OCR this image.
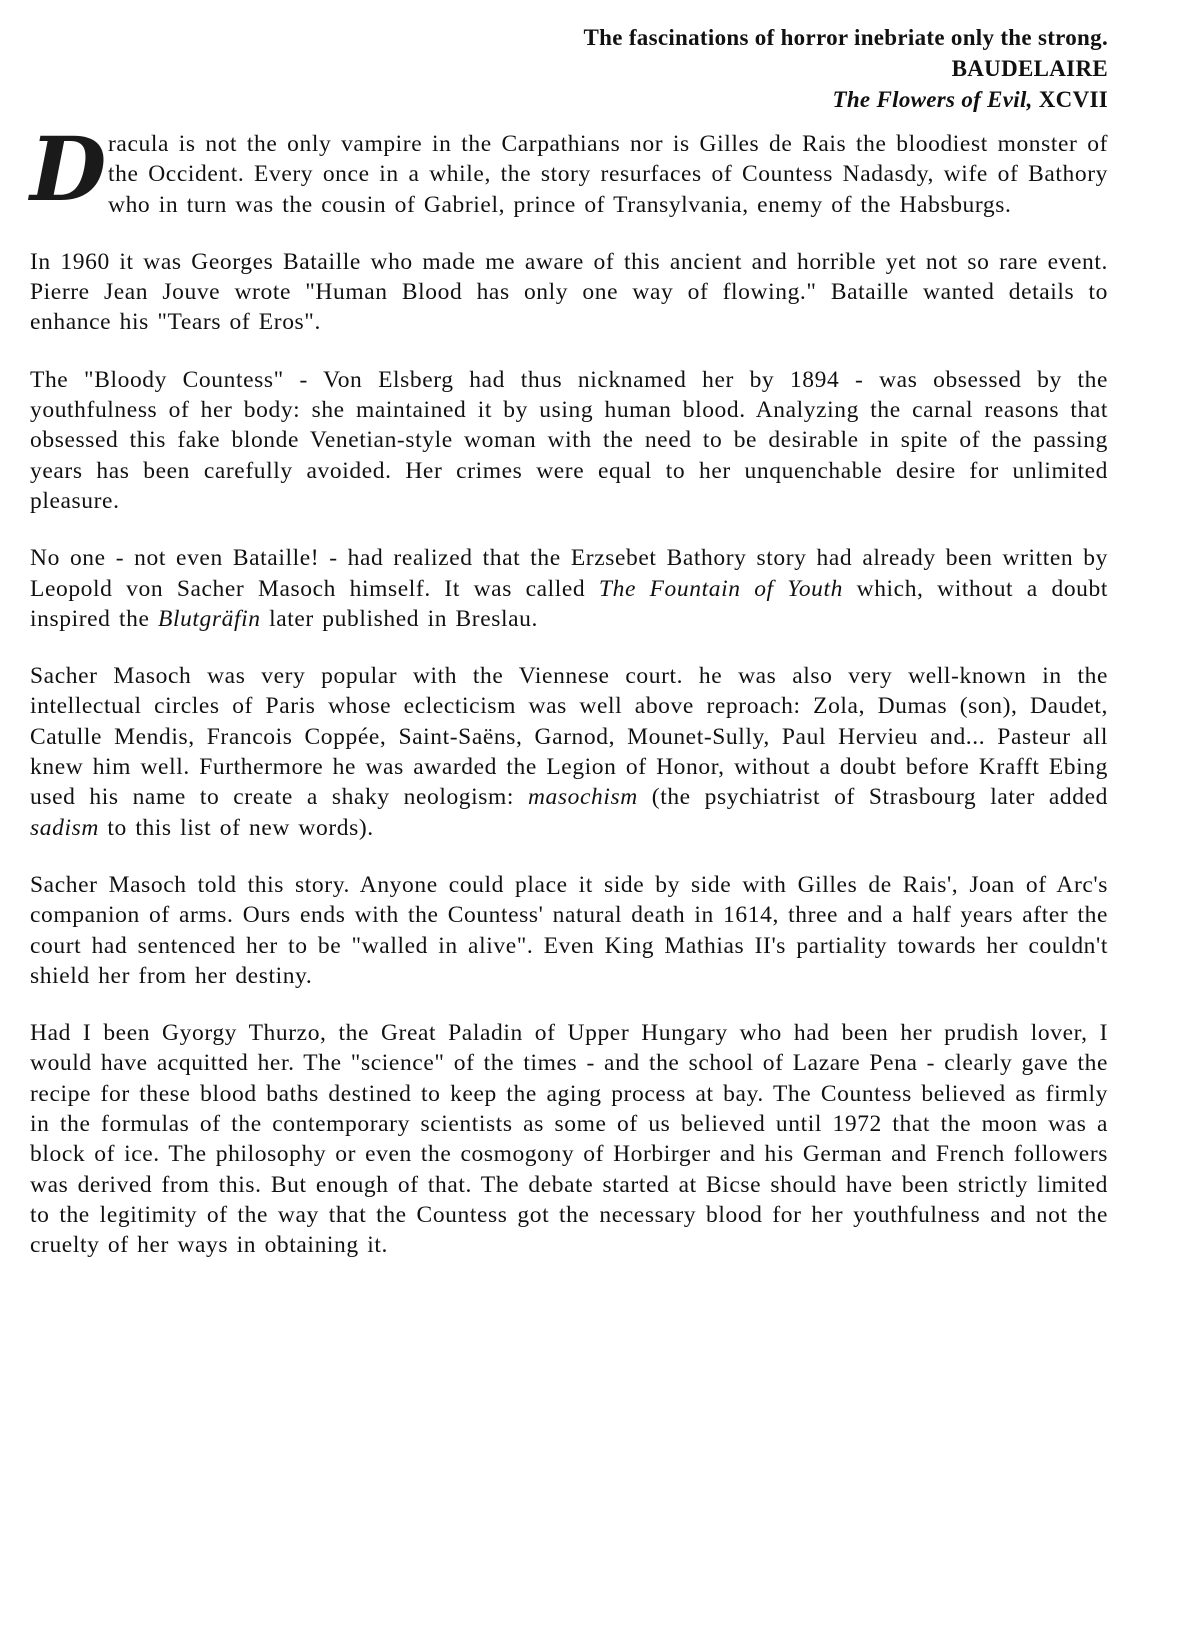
The fascinations of horror inebriate only the strong.
BAUDELAIRE
The Flowers of Evil, XCVII

Dracula is not the only vampire in the Carpathians nor is Gilles de Rais the bloodiest monster of the Occident. Every once in a while, the story resurfaces of Countess Nadasdy, wife of Bathory who in turn was the cousin of Gabriel, prince of Transylvania, enemy of the Habsburgs.

In 1960 it was Georges Bataille who made me aware of this ancient and horrible yet not so rare event. Pierre Jean Jouve wrote "Human Blood has only one way of flowing." Bataille wanted details to enhance his "Tears of Eros".

The "Bloody Countess" - Von Elsberg had thus nicknamed her by 1894 - was obsessed by the youthfulness of her body: she maintained it by using human blood. Analyzing the carnal reasons that obsessed this fake blonde Venetian-style woman with the need to be desirable in spite of the passing years has been carefully avoided. Her crimes were equal to her unquenchable desire for unlimited pleasure.

No one - not even Bataille! - had realized that the Erzsebet Bathory story had already been written by Leopold von Sacher Masoch himself. It was called The Fountain of Youth which, without a doubt inspired the Blutgräfin later published in Breslau.

Sacher Masoch was very popular with the Viennese court. he was also very well-known in the intellectual circles of Paris whose eclecticism was well above reproach: Zola, Dumas (son), Daudet, Catulle Mendis, Francois Coppée, Saint-Saëns, Garnod, Mounet-Sully, Paul Hervieu and... Pasteur all knew him well. Furthermore he was awarded the Legion of Honor, without a doubt before Krafft Ebing used his name to create a shaky neologism: masochism (the psychiatrist of Strasbourg later added sadism to this list of new words).

Sacher Masoch told this story. Anyone could place it side by side with Gilles de Rais', Joan of Arc's companion of arms. Ours ends with the Countess' natural death in 1614, three and a half years after the court had sentenced her to be "walled in alive". Even King Mathias II's partiality towards her couldn't shield her from her destiny.

Had I been Gyorgy Thurzo, the Great Paladin of Upper Hungary who had been her prudish lover, I would have acquitted her. The "science" of the times - and the school of Lazare Pena - clearly gave the recipe for these blood baths destined to keep the aging process at bay. The Countess believed as firmly in the formulas of the contemporary scientists as some of us believed until 1972 that the moon was a block of ice. The philosophy or even the cosmogony of Horbirger and his German and French followers was derived from this. But enough of that. The debate started at Bicse should have been strictly limited to the legitimity of the way that the Countess got the necessary blood for her youthfulness and not the cruelty of her ways in obtaining it.
